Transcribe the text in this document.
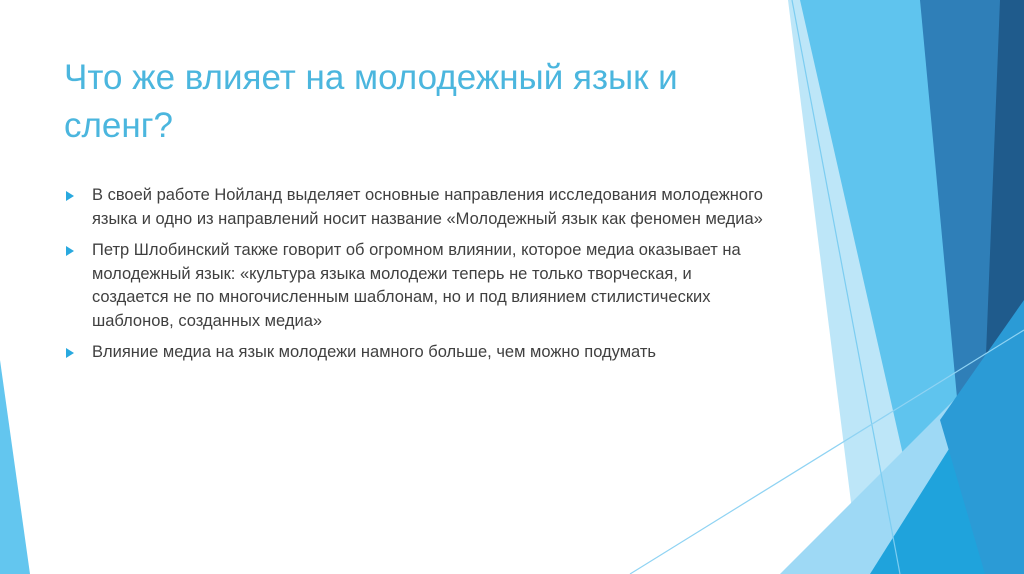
Что же влияет на молодежный язык и сленг?
В своей работе Нойланд выделяет основные направления исследования молодежного языка и одно из направлений носит название «Молодежный язык как феномен медиа»
Петр Шлобинский также говорит об огромном влиянии, которое медиа оказывает на молодежный язык: «культура языка молодежи теперь не только творческая, и создается не по многочисленным шаблонам, но и под влиянием стилистических шаблонов, созданных медиа»
Влияние медиа на язык молодежи намного больше, чем можно подумать
